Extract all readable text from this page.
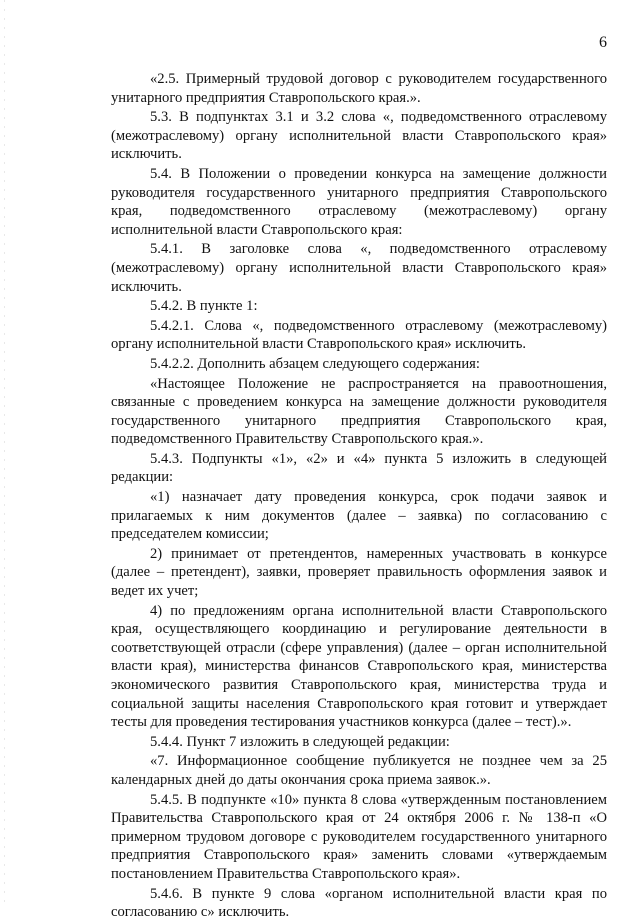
6

«2.5. Примерный трудовой договор с руководителем государственного унитарного предприятия Ставропольского края.».

5.3. В подпунктах 3.1 и 3.2 слова «, подведомственного отраслевому (межотраслевому) органу исполнительной власти Ставропольского края» исключить.

5.4. В Положении о проведении конкурса на замещение должности руководителя государственного унитарного предприятия Ставропольского края, подведомственного отраслевому (межотраслевому) органу исполнительной власти Ставропольского края:

5.4.1. В заголовке слова «, подведомственного отраслевому (межотраслевому) органу исполнительной власти Ставропольского края» исключить.

5.4.2. В пункте 1:

5.4.2.1. Слова «, подведомственного отраслевому (межотраслевому) органу исполнительной власти Ставропольского края» исключить.

5.4.2.2. Дополнить абзацем следующего содержания:

«Настоящее Положение не распространяется на правоотношения, связанные с проведением конкурса на замещение должности руководителя государственного унитарного предприятия Ставропольского края, подведомственного Правительству Ставропольского края.».

5.4.3. Подпункты «1», «2» и «4» пункта 5 изложить в следующей редакции:

«1) назначает дату проведения конкурса, срок подачи заявок и прилагаемых к ним документов (далее – заявка) по согласованию с председателем комиссии;

2) принимает от претендентов, намеренных участвовать в конкурсе (далее – претендент), заявки, проверяет правильность оформления заявок и ведет их учет;

4) по предложениям органа исполнительной власти Ставропольского края, осуществляющего координацию и регулирование деятельности в соответствующей отрасли (сфере управления) (далее – орган исполнительной власти края), министерства финансов Ставропольского края, министерства экономического развития Ставропольского края, министерства труда и социальной защиты населения Ставропольского края готовит и утверждает тесты для проведения тестирования участников конкурса (далее – тест).».

5.4.4. Пункт 7 изложить в следующей редакции:

«7. Информационное сообщение публикуется не позднее чем за 25 календарных дней до даты окончания срока приема заявок.».

5.4.5. В подпункте «10» пункта 8 слова «утвержденным постановлением Правительства Ставропольского края от 24 октября 2006 г. № 138-п «О примерном трудовом договоре с руководителем государственного унитарного предприятия Ставропольского края» заменить словами «утверждаемым постановлением Правительства Ставропольского края».

5.4.6. В пункте 9 слова «органом исполнительной власти края по согласованию с» исключить.
